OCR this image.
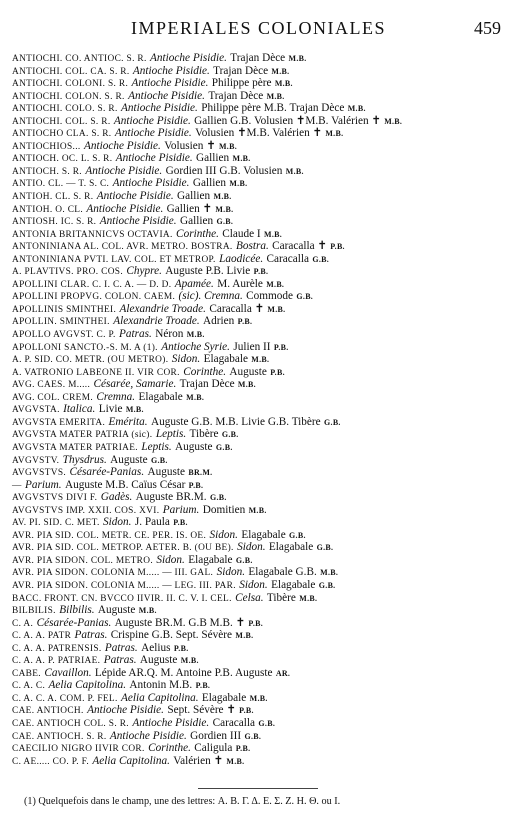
IMPERIALES COLONIALES	459
ANTIOCHI. CO. ANTIOC. S. R. Antioche Pisidie. Trajan Dèce M.B.
ANTIOCHI. COL. CA. S. R. Antioche Pisidie. Trajan Dèce M.B.
ANTIOCHI. COLONI. S. R. Antioche Pisidie. Philippe père M.B.
ANTIOCHI. COLON. S. R. Antioche Pisidie. Trajan Dèce M.B.
ANTIOCHI. COLO. S. R. Antioche Pisidie. Philippe père M.B. Trajan Dèce M.B.
ANTIOCHI. COL. S. R. Antioche Pisidie. Gallien G.B. Volusien ✝M.B. Valérien ✝ M.B.
ANTIOCHO CLA. S. R. Antioche Pisidie. Volusien ✝M.B. Valérien ✝ M.B.
ANTIOCHIOS... Antioche Pisidie. Volusien ✝ M.B.
ANTIOCH. OC. L. S. R. Antioche Pisidie. Gallien M.B.
ANTIOCH. S. R. Antioche Pisidie. Gordien III G.B. Volusien M.B.
ANTIO. CL. — T. S. C. Antioche Pisidie. Gallien M.B.
ANTIOH. CL. S. R. Antioche Pisidie. Gallien M.B.
ANTIOH. O. CL. Antioche Pisidie. Gallien ✝ M.B.
ANTIOSH. IC. S. R. Antioche Pisidie. Gallien G.B.
ANTONIA BRITANNICVS OCTAVIA. Corinthe. Claude I M.B.
ANTONINIANA AL. COL. AVR. METRO. BOSTRA. Bostra. Caracalla ✝ P.B.
ANTONINIANA PVTI. LAV. COL. ET METROP. Laodicée. Caracalla G.B.
A. PLAVTIVS. PRO. COS. Chypre. Auguste P.B. Livie P.B.
APOLLINI CLAR. C. I. C. A. — D. D. Apamée. M. Aurèle M.B.
APOLLINI PROPVG. COLON. CAEM. (sic). Cremna. Commode G.B.
APOLLINIS SMINTHEI. Alexandrie Troade. Caracalla ✝ M.B.
APOLLIN. SMINTHEI. Alexandrie Troade. Adrien P.B.
APOLLO AVGVST. C. P. Patras. Néron M.B.
APOLLONI SANCTO.-S. M. A (1). Antioche Syrie. Julien II P.B.
A. P. SID. CO. METR. (OU METRO). Sidon. Elagabale M.B.
A. VATRONIO LABEONE II. VIR COR. Corinthe. Auguste P.B.
AVG. CAES. M..... Césarée, Samarie. Trajan Dèce M.B.
AVG. COL. CREM. Cremna. Elagabale M.B.
AVGVSTA. Italica. Livie M.B.
AVGVSTA EMERITA. Emérita. Auguste G.B. M.B. Livie G.B. Tibère G.B.
AVGVSTA MATER PATRIA (sic). Leptis. Tibère G.B.
AVGVSTA MATER PATRIAE. Leptis. Auguste G.B.
AVGVSTV. Thysdrus. Auguste G.B.
AVGVSTVS. Césarée-Panias. Auguste BR.M.
— Parium. Auguste M.B. Caïus César P.B.
AVGVSTVS DIVI F. Gadès. Auguste BR.M. G.B.
AVGVSTVS IMP. XXII. COS. XVI. Parium. Domitien M.B.
AV. PI. SID. C. MET. Sidon. J. Paula P.B.
AVR. PIA SID. COL. METR. CE. PER. IS. OE. Sidon. Elagabale G.B.
AVR. PIA SID. COL. METROP. AETER. B. (OU BE). Sidon. Elagabale G.B.
AVR. PIA SIDON. COL. METRO. Sidon. Elagabale G.B.
AVR. PIA SIDON. COLONIA M..... — III. GAL. Sidon. Elagabale G.B. M.B.
AVR. PIA SIDON. COLONIA M..... — LEG. III. PAR. Sidon. Elagabale G.B.
BACC. FRONT. CN. BVCCO IIVIR. II. C. V. I. CEL. Celsa. Tibère M.B.
BILBILIS. Bilbilis. Auguste M.B.
C. A. Césarée-Panias. Auguste BR.M. G.B M.B. ✝ P.B.
C. A. A. PATR Patras. Crispine G.B. Sept. Sévère M.B.
C. A. A. PATRENSIS. Patras. Aelius P.B.
C. A. A. P. PATRIAE. Patras. Auguste M.B.
CABE. Cavaillon. Lépide AR.Q. M. Antoine P.B. Auguste AR.
C. A. C. Aelia Capitolina. Antonin M.B. P.B.
C. A. C. A. COM. P. FEL. Aelia Capitolina. Elagabale M.B.
CAE. ANTIOCH. Antioche Pisidie. Sept. Sévère ✝ P.B.
CAE. ANTIOCH COL. S. R. Antioche Pisidie. Caracalla G.B.
CAE. ANTIOCH. S. R. Antioche Pisidie. Gordien III G.B.
CAECILIO NIGRO IIVIR COR. Corinthe. Caligula P.B.
C. AE..... CO. P. F. Aelia Capitolina. Valérien ✝ M.B.
(1) Quelquefois dans le champ, une des lettres: Α. Β. Γ. Δ. Ε. Σ. Ζ. Η. Θ. ou Ι.
